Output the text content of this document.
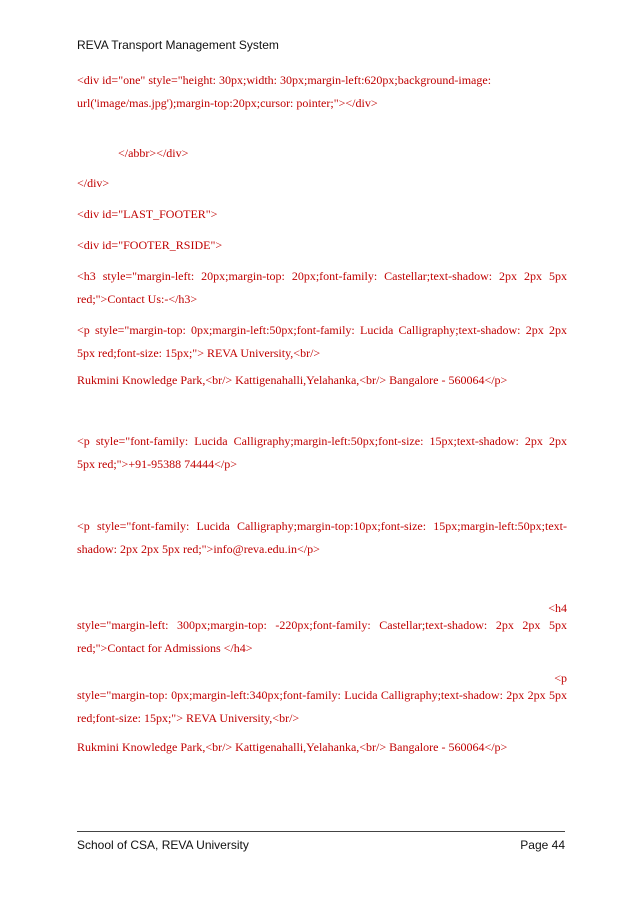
REVA Transport Management System
<div id="one" style="height: 30px;width: 30px;margin-left:620px;background-image: url('image/mas.jpg');margin-top:20px;cursor: pointer;"></div>
</abbr></div>
</div>
<div id="LAST_FOOTER">
<div id="FOOTER_RSIDE">
<h3 style="margin-left: 20px;margin-top: 20px;font-family: Castellar;text-shadow: 2px 2px 5px red;">Contact Us:-</h3>
<p style="margin-top: 0px;margin-left:50px;font-family: Lucida Calligraphy;text-shadow: 2px 2px 5px red;font-size: 15px;"> REVA University,<br/>
Rukmini Knowledge Park,<br/> Kattigenahalli,Yelahanka,<br/> Bangalore - 560064</p>
<p style="font-family: Lucida Calligraphy;margin-left:50px;font-size: 15px;text-shadow: 2px 2px 5px red;">+91-95388 74444</p>
<p style="font-family: Lucida Calligraphy;margin-top:10px;font-size: 15px;margin-left:50px;text-shadow: 2px 2px 5px red;">info@reva.edu.in</p>
<h4
style="margin-left: 300px;margin-top: -220px;font-family: Castellar;text-shadow: 2px 2px 5px red;">Contact for Admissions </h4>
<p
style="margin-top: 0px;margin-left:340px;font-family: Lucida Calligraphy;text-shadow: 2px 2px 5px red;font-size: 15px;"> REVA University,<br/>
Rukmini Knowledge Park,<br/> Kattigenahalli,Yelahanka,<br/> Bangalore - 560064</p>
School of CSA, REVA University	Page 44
